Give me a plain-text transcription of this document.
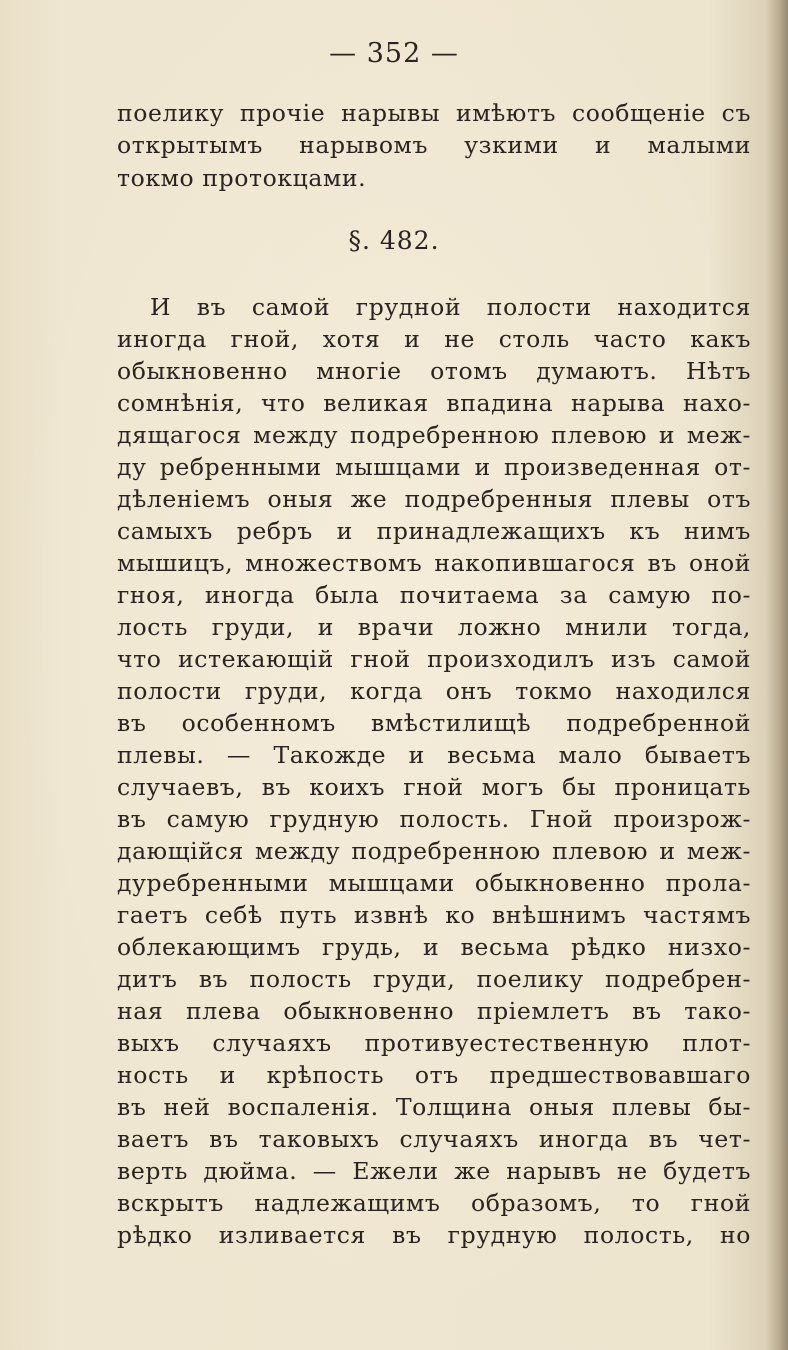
— 352 —
поелику прочіе нарывы имѣютъ сообщеніе съ
открытымъ нарывомъ узкими и малыми
токмо протокцами.
§. 482.
И въ самой грудной полости находится
иногда гной, хотя и не столь часто какъ
обыкновенно многіе отомъ думаютъ. Нѣтъ
сомнѣнія, что великая впадина нарыва нахо-
дящагося между подребренною плевою и меж-
ду ребренными мышцами и произведенная от-
дѣленіемъ оныя же подребренныя плевы отъ
самыхъ ребръ и принадлежащихъ къ нимъ
мышицъ, множествомъ накопившагося въ оной
гноя, иногда была почитаема за самую по-
лость груди, и врачи ложно мнили тогда,
что истекающій гной произходилъ изъ самой
полости груди, когда онъ токмо находился
въ особенномъ вмѣстилищѣ подребренной
плевы. — Такожде и весьма мало бываетъ
случаевъ, въ коихъ гной могъ бы проницать
въ самую грудную полость. Гной произрож-
дающійся между подребренною плевою и меж-
дуребренными мышцами обыкновенно прола-
гаетъ себѣ путь извнѣ ко внѣшнимъ частямъ
облекающимъ грудь, и весьма рѣдко низхо-
дитъ въ полость груди, поелику подребрен-
ная плева обыкновенно пріемлетъ въ тако-
выхъ случаяхъ противуестественную плот-
ность и крѣпость отъ предшествовавшаго
въ ней воспаленія. Толщина оныя плевы бы-
ваетъ въ таковыхъ случаяхъ иногда въ чет-
верть дюйма. — Ежели же нарывъ не будетъ
вскрытъ надлежащимъ образомъ, то гной
рѣдко изливается въ грудную полость, но
